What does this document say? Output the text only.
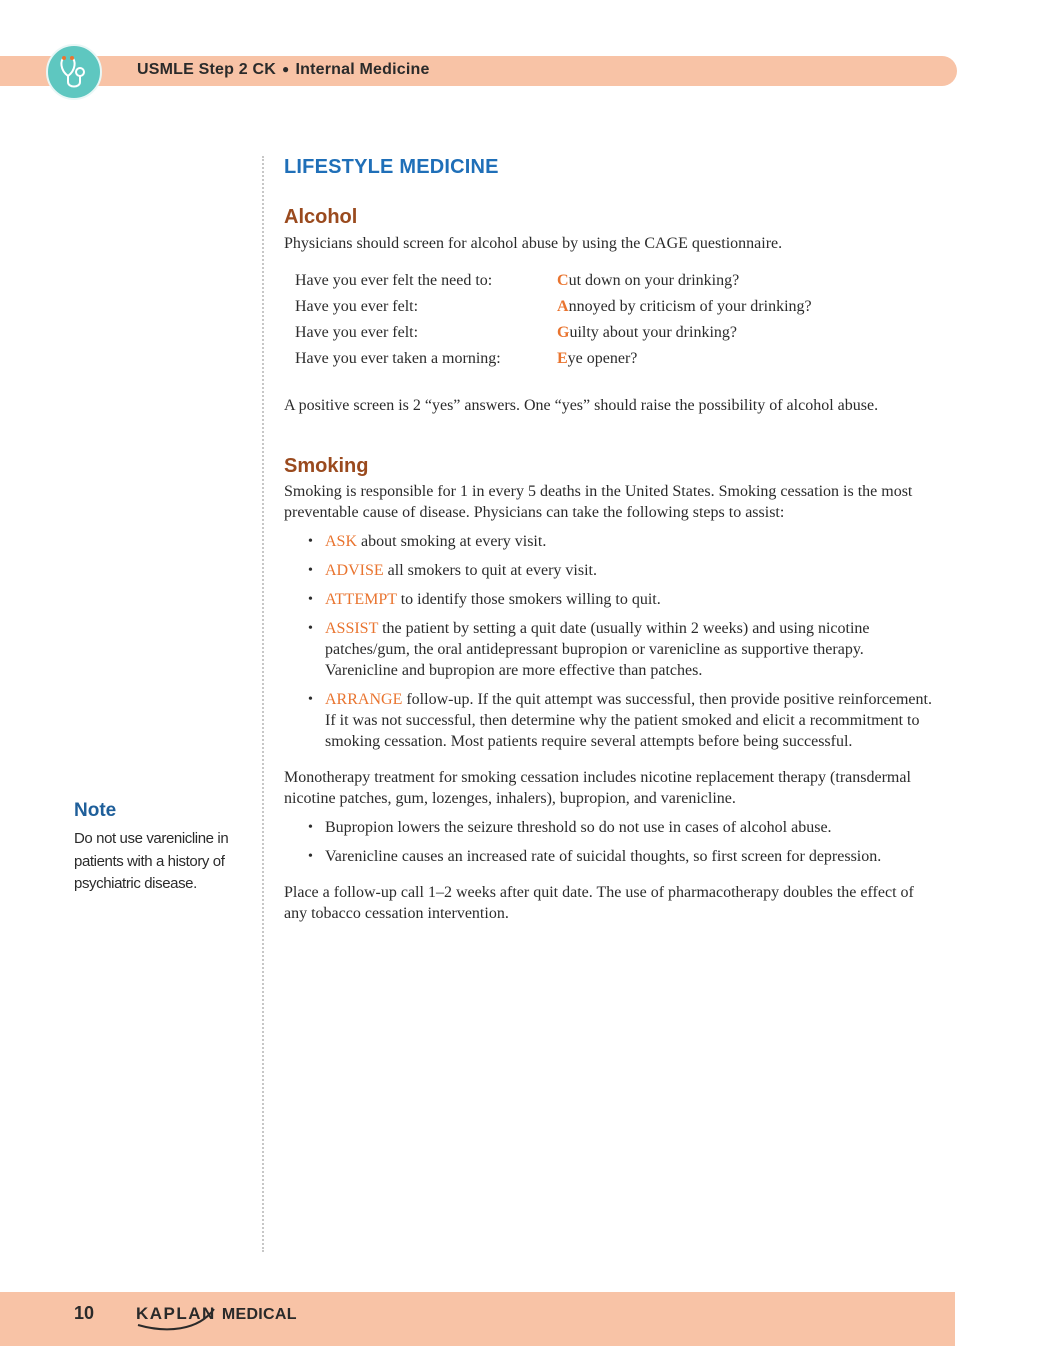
USMLE Step 2 CK ● Internal Medicine
LIFESTYLE MEDICINE
Alcohol

Physicians should screen for alcohol abuse by using the CAGE questionnaire.

Have you ever felt the need to:	Cut down on your drinking?
Have you ever felt:	Annoyed by criticism of your drinking?
Have you ever felt:	Guilty about your drinking?
Have you ever taken a morning:	Eye opener?

A positive screen is 2 “yes” answers. One “yes” should raise the possibility of alcohol abuse.

Smoking

Smoking is responsible for 1 in every 5 deaths in the United States. Smoking cessation is the most preventable cause of disease. Physicians can take the following steps to assist:

• ASK about smoking at every visit.
• ADVISE all smokers to quit at every visit.
• ATTEMPT to identify those smokers willing to quit.
• ASSIST the patient by setting a quit date (usually within 2 weeks) and using nicotine patches/gum, the oral antidepressant bupropion or varenicline as supportive therapy. Varenicline and bupropion are more effective than patches.
• ARRANGE follow-up. If the quit attempt was successful, then provide positive reinforcement. If it was not successful, then determine why the patient smoked and elicit a recommitment to smoking cessation. Most patients require several attempts before being successful.

Monotherapy treatment for smoking cessation includes nicotine replacement therapy (transdermal nicotine patches, gum, lozenges, inhalers), bupropion, and varenicline.

• Bupropion lowers the seizure threshold so do not use in cases of alcohol abuse.
• Varenicline causes an increased rate of suicidal thoughts, so first screen for depression.

Place a follow-up call 1–2 weeks after quit date. The use of pharmacotherapy doubles the effect of any tobacco cessation intervention.

Note

Do not use varenicline in patients with a history of psychiatric disease.

10 KAPLAN MEDICAL
